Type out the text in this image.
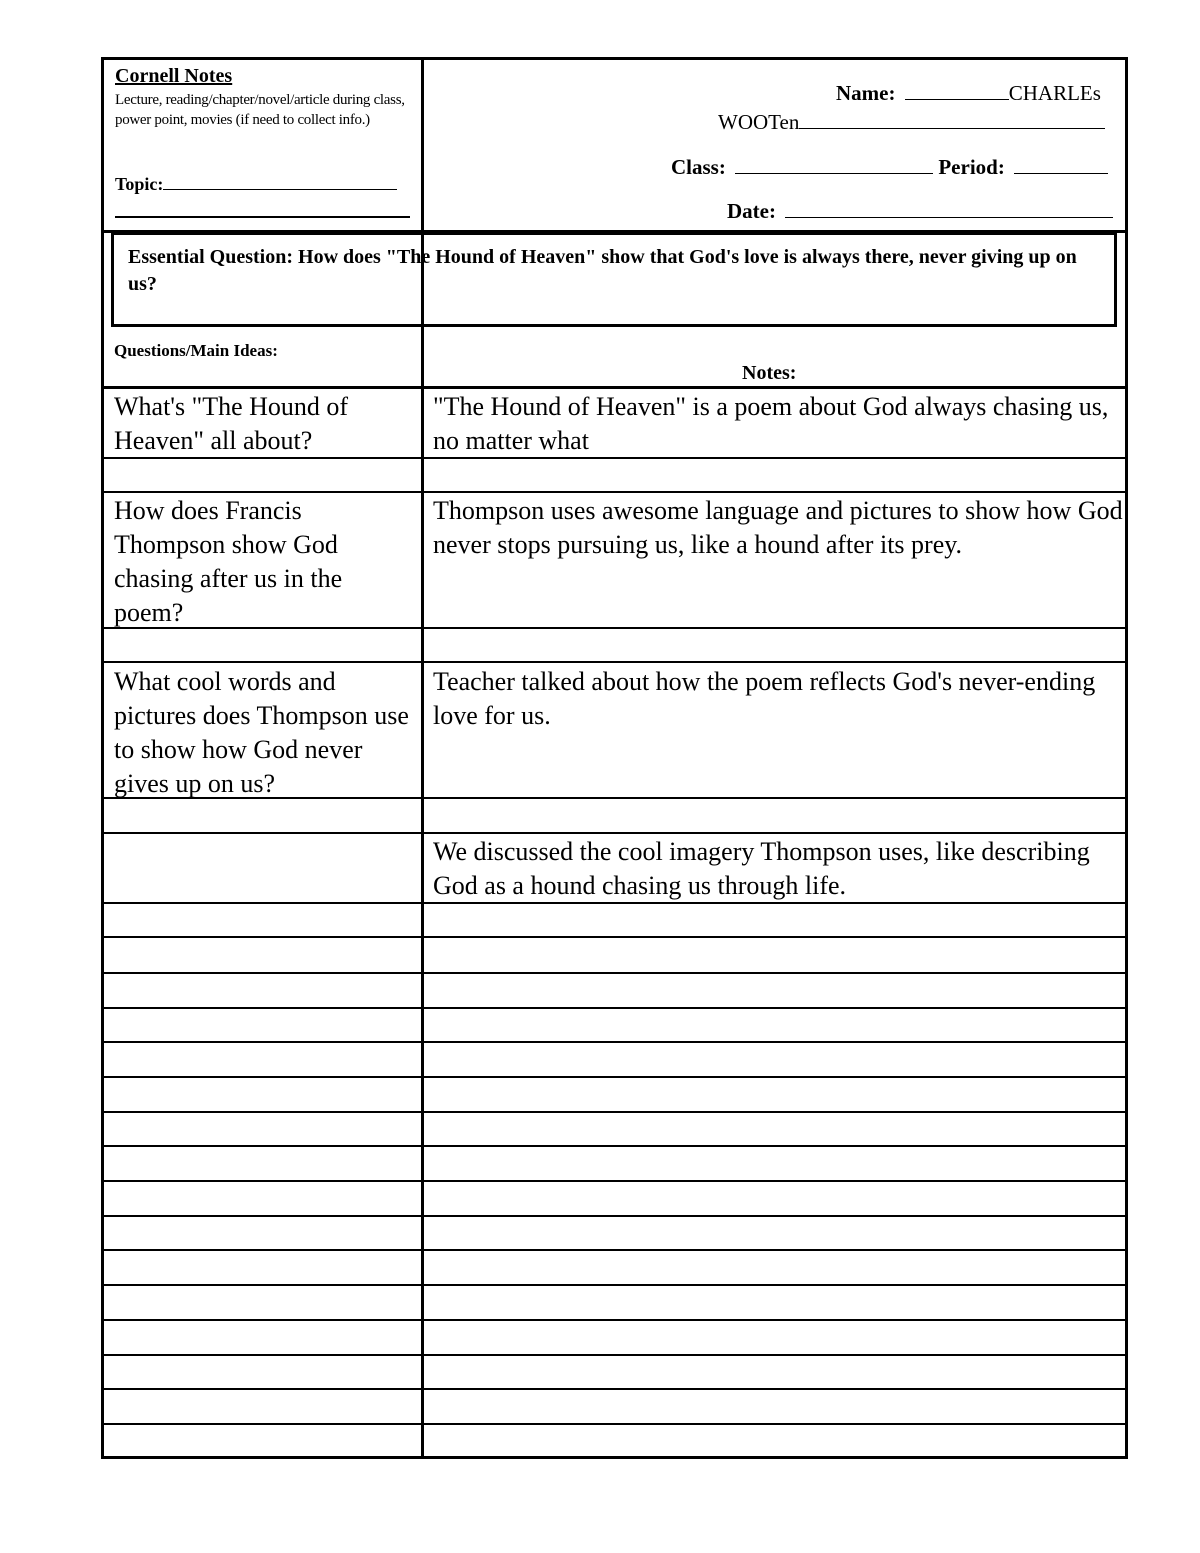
Cornell Notes
Lecture, reading/chapter/novel/article during class, power point, movies (if need to collect info.)
Topic:
Name:	CHARLEs
WOOTen
Class:	Period:
Date:
Essential Question: How does "The Hound of Heaven" show that God's love is always there, never giving up on us?
Questions/Main Ideas:
Notes:
What's "The Hound of Heaven" all about?
"The Hound of Heaven" is a poem about God always chasing us, no matter what
How does Francis Thompson show God chasing after us in the poem?
Thompson uses awesome language and pictures to show how God never stops pursuing us, like a hound after its prey.
What cool words and pictures does Thompson use to show how God never gives up on us?
Teacher talked about how the poem reflects God's never-ending love for us.
We discussed the cool imagery Thompson uses, like describing God as a hound chasing us through life.
